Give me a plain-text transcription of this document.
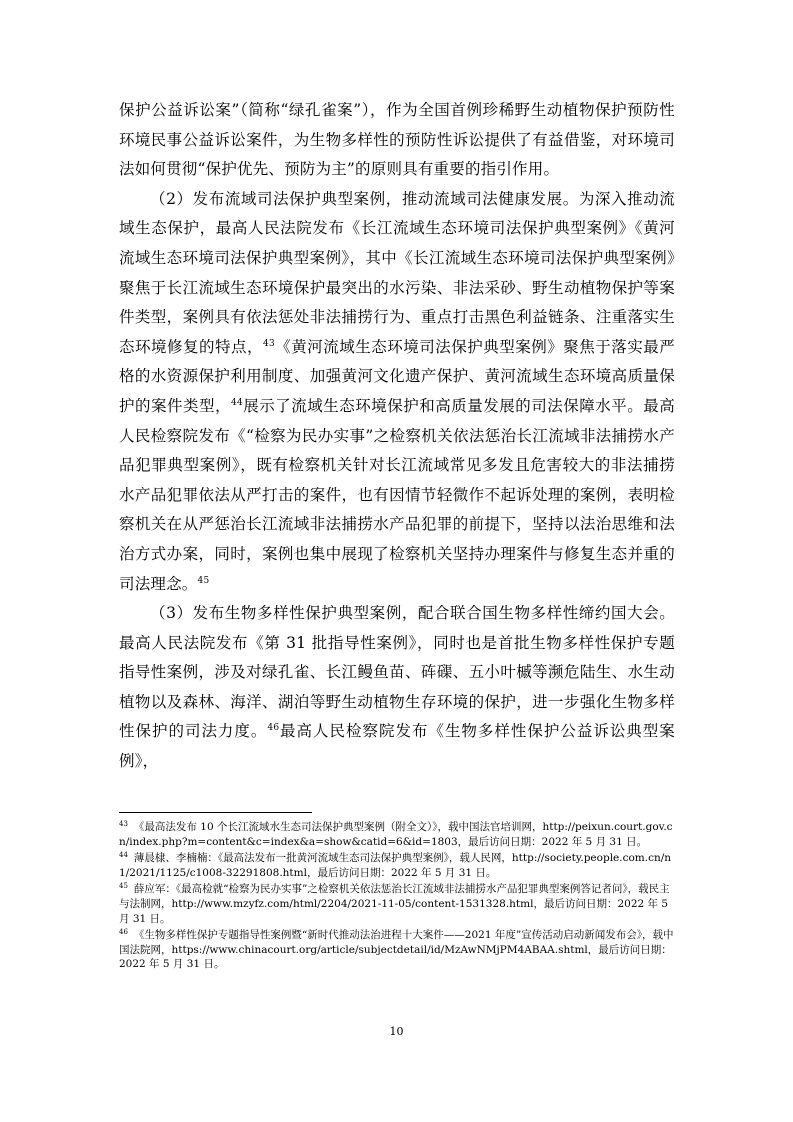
保护公益诉讼案”（简称“绿孔雀案”），作为全国首例珍稀野生动植物保护预防性环境民事公益诉讼案件，为生物多样性的预防性诉讼提供了有益借鉴，对环境司法如何贯彻“保护优先、预防为主”的原则具有重要的指引作用。

（2）发布流域司法保护典型案例，推动流域司法健康发展。为深入推动流域生态保护，最高人民法院发布《长江流域生态环境司法保护典型案例》《黄河流域生态环境司法保护典型案例》，其中《长江流域生态环境司法保护典型案例》聚焦于长江流域生态环境保护最突出的水污染、非法采砂、野生动植物保护等案件类型，案例具有依法惩处非法捕捞行为、重点打击黑色利益链条、注重落实生态环境修复的特点，$^{43}$《黄河流域生态环境司法保护典型案例》聚焦于落实最严格的水资源保护利用制度、加强黄河文化遗产保护、黄河流域生态环境高质量保护的案件类型，$^{44}$展示了流域生态环境保护和高质量发展的司法保障水平。最高人民检察院发布《“检察为民办实事”之检察机关依法惩治长江流域非法捕捞水产品犯罪典型案例》，既有检察机关针对长江流域常见多发且危害较大的非法捕捞水产品犯罪依法从严打击的案件，也有因情节轻微作不起诉处理的案例，表明检察机关在从严惩治长江流域非法捕捞水产品犯罪的前提下，坚持以法治思维和法治方式办案，同时，案例也集中展现了检察机关坚持办理案件与修复生态并重的司法理念。$^{45}$

（3）发布生物多样性保护典型案例，配合联合国生物多样性缔约国大会。最高人民法院发布《第 31 批指导性案例》，同时也是首批生物多样性保护专题指导性案例，涉及对绿孔雀、长江鳗鱼苗、砗磲、五小叶槭等濒危陆生、水生动植物以及森林、海洋、湖泊等野生动植物生存环境的保护，进一步强化生物多样性保护的司法力度。$^{46}$最高人民检察院发布《生物多样性保护公益诉讼典型案例》，

$^{43}$ 《最高法发布 10 个长江流域水生态司法保护典型案例（附全文）》，载中国法官培训网，http://peixun.court.gov.cn/index.php?m=content&c=index&a=show&catid=6&id=1803，最后访问日期：2022 年 5 月 31 日。

$^{44}$ 薄晨棣、李楠楠：《最高法发布一批黄河流域生态司法保护典型案例》，载人民网，http://society.people.com.cn/n1/2021/1125/c1008-32291808.html，最后访问日期：2022 年 5 月 31 日。

$^{45}$ 薛应军：《最高检就“检察为民办实事”之检察机关依法惩治长江流域非法捕捞水产品犯罪典型案例答记者问》，载民主与法制网，http://www.mzyfz.com/html/2204/2021-11-05/content-1531328.html，最后访问日期：2022 年 5 月 31 日。

$^{46}$ 《生物多样性保护专题指导性案例暨“新时代推动法治进程十大案件——2021 年度”宣传活动启动新闻发布会》，载中国法院网，https://www.chinacourt.org/article/subjectdetail/id/MzAwNMjPM4ABAA.shtml，最后访问日期：2022 年 5 月 31 日。

10
